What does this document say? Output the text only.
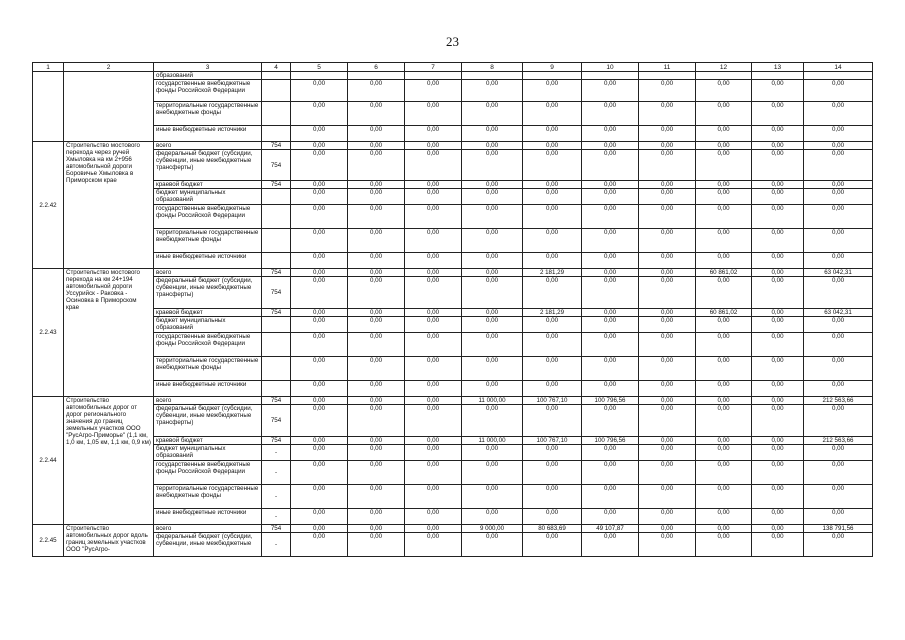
23
1	2	3	4	5	6	7	8	9	10	11	12	13	14
		образований											
		государственные внебюджетные фонды Российской Федерации		0,00	0,00	0,00	0,00	0,00	0,00	0,00	0,00	0,00	0,00
		территориальные государственные внебюджетные фонды		0,00	0,00	0,00	0,00	0,00	0,00	0,00	0,00	0,00	0,00
		иные внебюджетные источники		0,00	0,00	0,00	0,00	0,00	0,00	0,00	0,00	0,00	0,00
2.2.42	Строительство мостового перехода через ручей Хмыловка на км 2+956 автомобильной дороги Боровичье Хмыловка в Приморском крае	всего	754	0,00	0,00	0,00	0,00	0,00	0,00	0,00	0,00	0,00	0,00
		федеральный бюджет (субсидии, субвенции, иные межбюджетные трансферты)	754	0,00	0,00	0,00	0,00	0,00	0,00	0,00	0,00	0,00	0,00
		краевой бюджет	754	0,00	0,00	0,00	0,00	0,00	0,00	0,00	0,00	0,00	0,00
		бюджет муниципальных образований		0,00	0,00	0,00	0,00	0,00	0,00	0,00	0,00	0,00	0,00
		государственные внебюджетные фонды Российской Федерации		0,00	0,00	0,00	0,00	0,00	0,00	0,00	0,00	0,00	0,00
		территориальные государственные внебюджетные фонды		0,00	0,00	0,00	0,00	0,00	0,00	0,00	0,00	0,00	0,00
		иные внебюджетные источники		0,00	0,00	0,00	0,00	0,00	0,00	0,00	0,00	0,00	0,00
2.2.43	Строительство мостового перехода на км 24+194 автомобильной дороги Уссурийск - Раковка - Осиновка в Приморском крае	всего	754	0,00	0,00	0,00	0,00	2 181,29	0,00	0,00	60 861,02	0,00	63 042,31
		федеральный бюджет (субсидии, субвенции, иные межбюджетные трансферты)	754	0,00	0,00	0,00	0,00	0,00	0,00	0,00	0,00	0,00	0,00
		краевой бюджет	754	0,00	0,00	0,00	0,00	2 181,29	0,00	0,00	60 861,02	0,00	63 042,31
		бюджет муниципальных образований		0,00	0,00	0,00	0,00	0,00	0,00	0,00	0,00	0,00	0,00
		государственные внебюджетные фонды Российской Федерации		0,00	0,00	0,00	0,00	0,00	0,00	0,00	0,00	0,00	0,00
		территориальные государственные внебюджетные фонды		0,00	0,00	0,00	0,00	0,00	0,00	0,00	0,00	0,00	0,00
		иные внебюджетные источники		0,00	0,00	0,00	0,00	0,00	0,00	0,00	0,00	0,00	0,00
2.2.44	Строительство автомобильных дорог от дорог регионального значения до границ земельных участков ООО "РусАгро-Приморье" (1,1 км, 1,0 км, 1,05 км, 1,1 км, 0,9 км)	всего	754	0,00	0,00	0,00	11 000,00	100 767,10	100 796,56	0,00	0,00	0,00	212 563,66
		федеральный бюджет (субсидии, субвенции, иные межбюджетные трансферты)	754	0,00	0,00	0,00	0,00	0,00	0,00	0,00	0,00	0,00	0,00
		краевой бюджет	754	0,00	0,00	0,00	11 000,00	100 767,10	100 796,56	0,00	0,00	0,00	212 563,66
		бюджет муниципальных образований	-	0,00	0,00	0,00	0,00	0,00	0,00	0,00	0,00	0,00	0,00
		государственные внебюджетные фонды Российской Федерации	-	0,00	0,00	0,00	0,00	0,00	0,00	0,00	0,00	0,00	0,00
		территориальные государственные внебюджетные фонды	-	0,00	0,00	0,00	0,00	0,00	0,00	0,00	0,00	0,00	0,00
		иные внебюджетные источники	-	0,00	0,00	0,00	0,00	0,00	0,00	0,00	0,00	0,00	0,00
2.2.45	Строительство автомобильных дорог вдоль границ земельных участков ООО "РусАгро-	всего	754	0,00	0,00	0,00	9 000,00	80 683,69	49 107,87	0,00	0,00	0,00	138 791,56
		федеральный бюджет (субсидии, субвенции, иные межбюджетные	-	0,00	0,00	0,00	0,00	0,00	0,00	0,00	0,00	0,00	0,00
